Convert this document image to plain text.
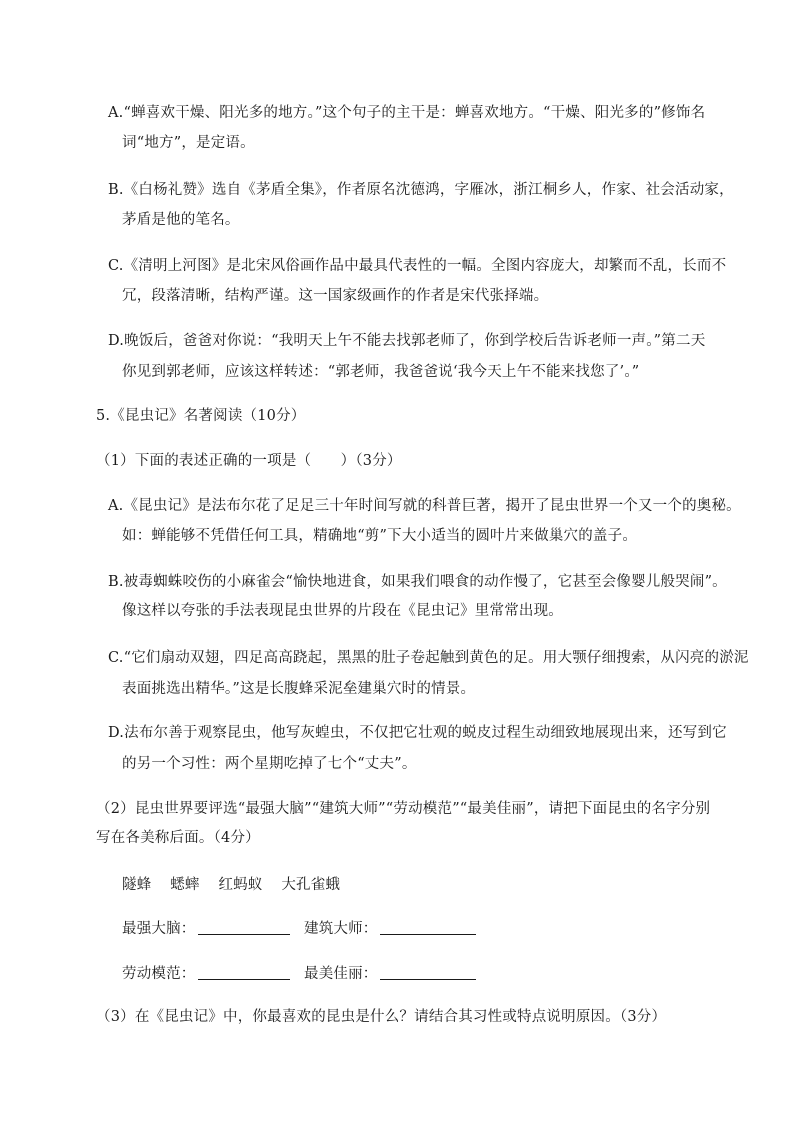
A.“蝉喜欢干燥、阳光多的地方。”这个句子的主干是：蝉喜欢地方。“干燥、阳光多的”修饰名
词“地方”，是定语。
B.《白杨礼赞》选自《茅盾全集》，作者原名沈德鸿，字雁冰，浙江桐乡人，作家、社会活动家，
茅盾是他的笔名。
C.《清明上河图》是北宋风俗画作品中最具代表性的一幅。全图内容庞大，却繁而不乱，长而不
冗，段落清晰，结构严谨。这一国家级画作的作者是宋代张择端。
D.晚饭后，爸爸对你说：“我明天上午不能去找郭老师了，你到学校后告诉老师一声。”第二天
你见到郭老师，应该这样转述：“郭老师，我爸爸说‘我今天上午不能来找您了’。”
5.《昆虫记》名著阅读（10分）
（1）下面的表述正确的一项是（　　）（3分）
A.《昆虫记》是法布尔花了足足三十年时间写就的科普巨著，揭开了昆虫世界一个又一个的奥秘。
如：蝉能够不凭借任何工具，精确地“剪”下大小适当的圆叶片来做巢穴的盖子。
B.被毒蜘蛛咬伤的小麻雀会“愉快地进食，如果我们喂食的动作慢了，它甚至会像婴儿般哭闹”。
像这样以夸张的手法表现昆虫世界的片段在《昆虫记》里常常出现。
C.“它们扇动双翅，四足高高跷起，黑黑的肚子卷起触到黄色的足。用大颚仔细搜索，从闪亮的淤泥
表面挑选出精华。”这是长腹蜂采泥垒建巢穴时的情景。
D.法布尔善于观察昆虫，他写灰蝗虫，不仅把它壮观的蜕皮过程生动细致地展现出来，还写到它
的另一个习性：两个星期吃掉了七个“丈夫”。
（2）昆虫世界要评选“最强大脑”“建筑大师”“劳动模范”“最美佳丽”，请把下面昆虫的名字分别
写在各美称后面。（4分）
隧蜂 蟋蟀 红蚂蚁 大孔雀蛾
最强大脑：	建筑大师：
劳动模范：	最美佳丽：
（3）在《昆虫记》中，你最喜欢的昆虫是什么？请结合其习性或特点说明原因。（3分）
